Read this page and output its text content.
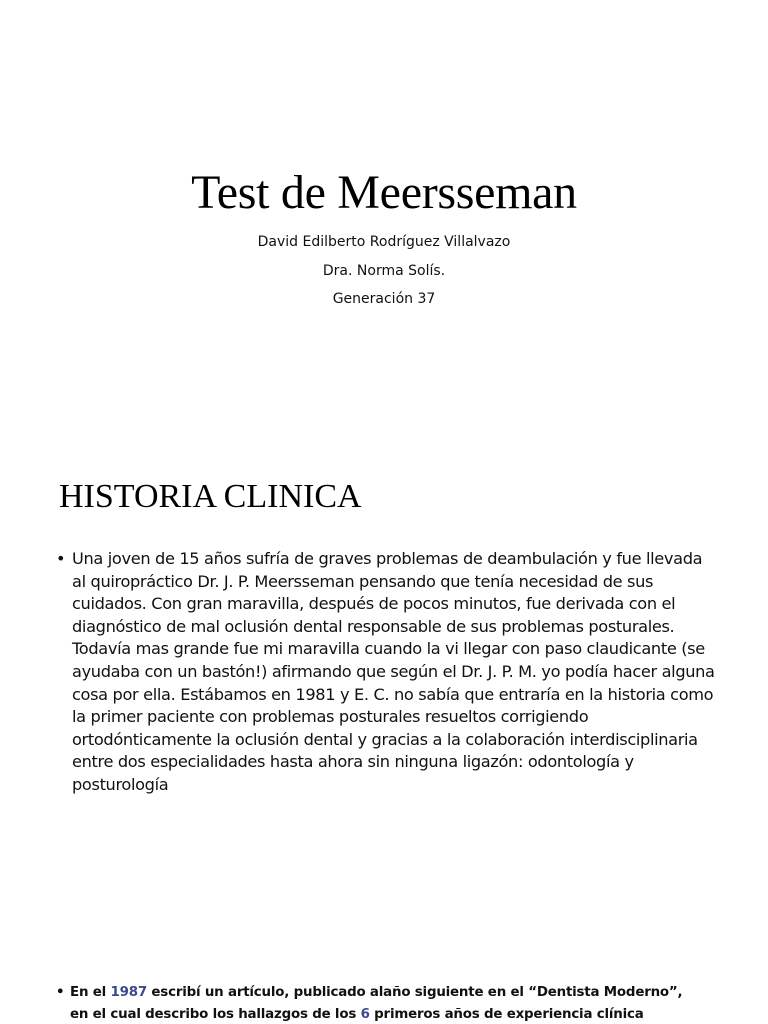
Test de Meersseman
David Edilberto Rodríguez Villalvazo
Dra. Norma Solís.
Generación 37
HISTORIA CLINICA
• Una joven de 15 años sufría de graves problemas de deambulación y fue llevada al quiropráctico Dr. J. P. Meersseman pensando que tenía necesidad de sus cuidados. Con gran maravilla, después de pocos minutos, fue derivada con el diagnóstico de mal oclusión dental responsable de sus problemas posturales. Todavía mas grande fue mi maravilla cuando la vi llegar con paso claudicante (se ayudaba con un bastón!) afirmando que según el Dr. J. P. M. yo podía hacer alguna cosa por ella. Estábamos en 1981 y E. C. no sabía que entraría en la historia como la primer paciente con problemas posturales resueltos corrigiendo ortodónticamente la oclusión dental y gracias a la colaboración interdisciplinaria entre dos especialidades hasta ahora sin ninguna ligazón: odontología y posturología
• En el 1987 escribí un artículo, publicado alaño siguiente en el “Dentista Moderno”,
en el cual describo los hallazgos de los 6 primeros años de experiencia clínica
